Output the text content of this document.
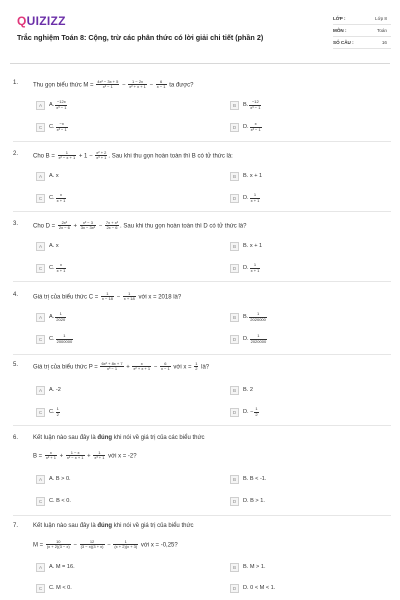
QUIZIZZ
Trắc nghiệm Toán 8: Cộng, trừ các phân thức có lời giải chi tiết (phần 2)
LỚP :	Lớp 8
MÔN :	Toán
SỐ CÂU :	16
1. Thu gọn biểu thức $M = \frac{\text{4x² − 3x + 5}}{\text{x³ − 1}} - \frac{1 - 2x}{\text{x² + x + 1}} - \frac{6}{x - 1}$ ta được?
A	A. $\frac{-12x}{\text{x³ − 1}}$	B	B. $\frac{-12}{\text{x³ − 1}}$
C	C. $\frac{-x}{\text{x³ − 1}}$	D	D. $\frac{x}{\text{x³ − 1}}$
2. Cho $B = \frac{1}{\text{x² − x + 1}} + 1 - \frac{\text{x² + 2}}{\text{x³ + 1}}$ . Sau khi thu gọn hoàn toàn thì B có tử thức là:
A	A. x	B	B. x + 1
C	C. $\frac{x}{x + 1}$	D	D. $\frac{1}{x + 1}$
3. Cho $D = \frac{\text{2x²}}{2x - 6} + \frac{\text{x² − 3}}{\text{3x − 3x²}} - \frac{\text{7x + x²}}{2x - 6}$ . Sau khi thu gọn hoàn toàn thì D có tử thức là?
A	A. x	B	B. x + 1
C	C. $\frac{x}{x + 1}$	D	D. $\frac{1}{x + 1}$
4. Giá trị của biểu thức $C = \frac{1}{x - 18} - \frac{1}{x + 18}$ với x = 2018 là?
A	A. $\frac{1}{2020}$	B	B. $\frac{1}{2020000}$
C	C. $\frac{1}{2000000}$	D	D. $\frac{1}{2020000}$
5. Giá trị của biểu thức $P = \frac{\text{6x² + 8x + 7}}{\text{x³ − 1}} + \frac{x}{\text{x² + x + 1}} - \frac{6}{x - 1}$ với $x = \frac{1}{2}$ là?
A	A. -2	B	B. 2
C	C. $\frac{1}{2}$	D	D. − $\frac{1}{2}$
6. Kết luận nào sau đây là đúng khi nói về giá trị của các biểu thức
$B = \frac{x}{\text{x² + 1}} + \frac{1 - x}{\text{x² − x + 1}} + \frac{1}{\text{x³ + 1}}$ với x = -2?
A	A. B > 0.	B	B. B < -1.
C	C. B < 0.	D	D. B > 1.
7. Kết luận nào sau đây là đúng khi nói về giá trị của biểu thức
$M = \frac{10}{(x + 2)(3 - x)} - \frac{12}{(3 - x)(3 + x)} - \frac{1}{(x + 2)(x + 3)}$ với x = -0,25?
A	A. M = 16.	B	B. M > 1.
C	C. M < 0.	D	D. 0 < M < 1.
